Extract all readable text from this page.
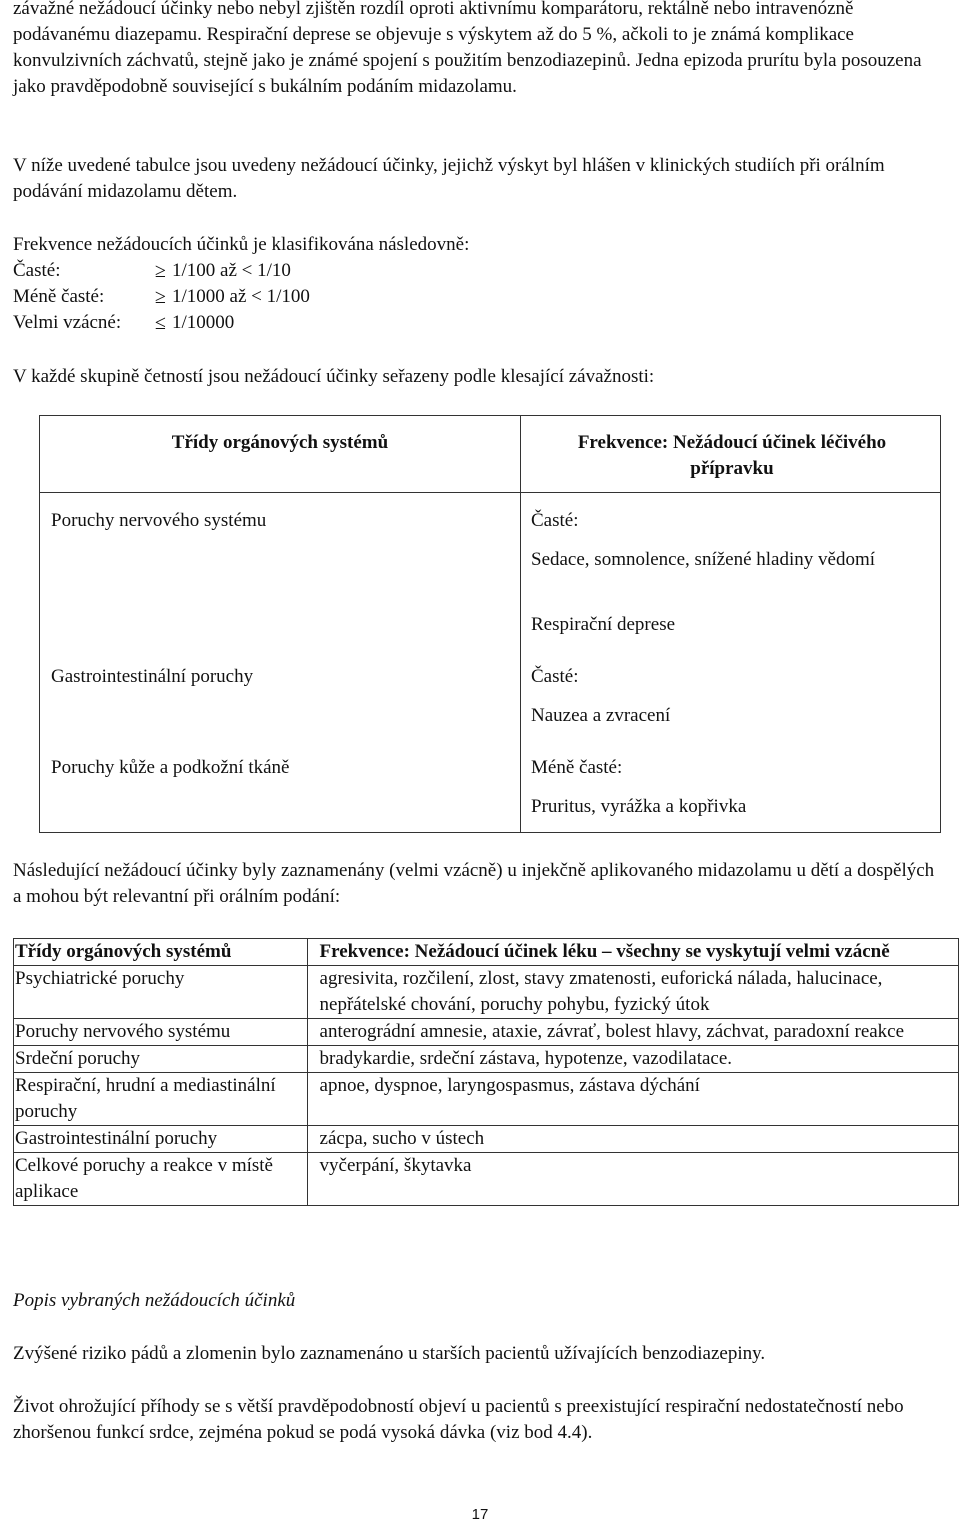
závažné nežádoucí účinky nebo nebyl zjištěn rozdíl oproti aktivnímu komparátoru, rektálně nebo intravenózně podávanému diazepamu. Respirační deprese se objevuje s výskytem až do 5 %, ačkoli to je známá komplikace konvulzivních záchvatů, stejně jako je známé spojení s použitím benzodiazepinů. Jedna epizoda prurítu byla posouzena jako pravděpodobně související s bukálním podáním midazolamu.

V níže uvedené tabulce jsou uvedeny nežádoucí účinky, jejichž výskyt byl hlášen v klinických studiích při orálním podávání midazolamu dětem.

Frekvence nežádoucích účinků je klasifikována následovně:

Časté:	≥ 1/100 až < 1/10
Méně časté:	≥ 1/1000 až < 1/100
Velmi vzácné:	≤ 1/10000

V každé skupině četností jsou nežádoucí účinky seřazeny podle klesající závažnosti:

Třídy orgánových systémů	Frekvence: Nežádoucí účinek léčivého přípravku
Poruchy nervového systému	Časté:
Sedace, somnolence, snížené hladiny vědomí
Respirační deprese
Gastrointestinální poruchy	Časté:
Nauzea a zvracení
Poruchy kůže a podkožní tkáně	Méně časté:
Pruritus, vyrážka a kopřivka

Následující nežádoucí účinky byly zaznamenány (velmi vzácně) u injekčně aplikovaného midazolamu u dětí a dospělých a mohou být relevantní při orálním podání:

Třídy orgánových systémů	Frekvence: Nežádoucí účinek léku – všechny se vyskytují velmi vzácně
Psychiatrické poruchy	agresivita, rozčilení, zlost, stavy zmatenosti, euforická nálada, halucinace, nepřátelské chování, poruchy pohybu, fyzický útok
Poruchy nervového systému	anterográdní amnesie, ataxie, závrať, bolest hlavy, záchvat, paradoxní reakce
Srdeční poruchy	bradykardie, srdeční zástava, hypotenze, vazodilatace.
Respirační, hrudní a mediastinální poruchy	apnoe, dyspnoe, laryngospasmus, zástava dýchání
Gastrointestinální poruchy	zácpa, sucho v ústech
Celkové poruchy a reakce v místě aplikace	vyčerpání, škytavka

Popis vybraných nežádoucích účinků

Zvýšené riziko pádů a zlomenin bylo zaznamenáno u starších pacientů užívajících benzodiazepiny.

Život ohrožující příhody se s větší pravděpodobností objeví u pacientů s preexistující respirační nedostatečností nebo zhoršenou funkcí srdce, zejména pokud se podá vysoká dávka (viz bod 4.4).

17
